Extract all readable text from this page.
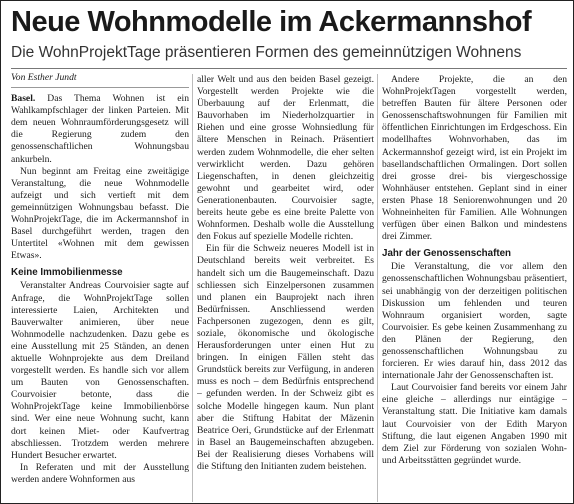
Neue Wohnmodelle im Ackermannshof
Die WohnProjektTage präsentieren Formen des gemeinnützigen Wohnens
Von Esther Jundt

Basel. Das Thema Wohnen ist ein Wahlkampfschlager der linken Parteien. Mit dem neuen Wohnraumförderungsgesetz will die Regierung zudem den genossenschaftlichen Wohnungsbau ankurbeln.

Nun beginnt am Freitag eine zweitägige Veranstaltung, die neue Wohnmodelle aufzeigt und sich vertieft mit dem gemeinnützigen Wohnungsbau befasst. Die WohnProjektTage, die im Ackermannshof in Basel durchgeführt werden, tragen den Untertitel «Wohnen mit dem gewissen Etwas».

Keine Immobilienmesse

Veranstalter Andreas Courvoisier sagte auf Anfrage, die WohnProjektTage sollen interessierte Laien, Architekten und Bauverwalter animieren, über neue Wohnmodelle nachzudenken. Dazu gebe es eine Ausstellung mit 25 Ständen, an denen aktuelle Wohnprojekte aus dem Dreiland vorgestellt werden. Es handle sich vor allem um Bauten von Genossenschaften. Courvoisier betonte, dass die WohnProjektTage keine Immobilienbörse sind. Wer eine neue Wohnung sucht, kann dort keinen Miet- oder Kaufvertrag abschliessen. Trotzdem werden mehrere Hundert Besucher erwartet.

In Referaten und mit der Ausstellung werden andere Wohnformen aus

aller Welt und aus den beiden Basel gezeigt. Vorgestellt werden Projekte wie die Überbauung auf der Erlenmatt, die Bauvorhaben im Niederholzquartier in Riehen und eine grosse Wohnsiedlung für ältere Menschen in Reinach. Präsentiert werden zudem Wohnmodelle, die eher selten verwirklicht werden. Dazu gehören Liegenschaften, in denen gleichzeitig gewohnt und gearbeitet wird, oder Generationenbauten. Courvoisier sagte, bereits heute gebe es eine breite Palette von Wohnformen. Deshalb wolle die Ausstellung den Fokus auf spezielle Modelle richten.

Ein für die Schweiz neueres Modell ist in Deutschland bereits weit verbreitet. Es handelt sich um die Baugemeinschaft. Dazu schliessen sich Einzelpersonen zusammen und planen ein Bauprojekt nach ihren Bedürfnissen. Anschliessend werden Fachpersonen zugezogen, denn es gilt, soziale, ökonomische und ökologische Herausforderungen unter einen Hut zu bringen. In einigen Fällen steht das Grundstück bereits zur Verfügung, in anderen muss es noch – dem Bedürfnis entsprechend – gefunden werden. In der Schweiz gibt es solche Modelle hingegen kaum. Nun plant aber die Stiftung Habitat der Mäzenin Beatrice Oeri, Grundstücke auf der Erlenmatt in Basel an Baugemeinschaften abzugeben. Bei der Realisierung dieses Vorhabens will die Stiftung den Initianten zudem beistehen.

Andere Projekte, die an den WohnProjektTagen vorgestellt werden, betreffen Bauten für ältere Personen oder Genossenschaftswohnungen für Familien mit öffentlichen Einrichtungen im Erdgeschoss. Ein modellhaftes Wohnvorhaben, das im Ackermannshof gezeigt wird, ist ein Projekt im basellandschaftlichen Ormalingen. Dort sollen drei grosse drei- bis viergeschossige Wohnhäuser entstehen. Geplant sind in einer ersten Phase 18 Seniorenwohnungen und 20 Wohneinheiten für Familien. Alle Wohnungen verfügen über einen Balkon und mindestens drei Zimmer.

Jahr der Genossenschaften

Die Veranstaltung, die vor allem den genossenschaftlichen Wohnungsbau präsentiert, sei unabhängig von der derzeitigen politischen Diskussion um fehlenden und teuren Wohnraum organisiert worden, sagte Courvoisier. Es gebe keinen Zusammenhang zu den Plänen der Regierung, den genossenschaftlichen Wohnungsbau zu forcieren. Er wies darauf hin, dass 2012 das internationale Jahr der Genossenschaften ist.

Laut Courvoisier fand bereits vor einem Jahr eine gleiche – allerdings nur eintägige – Veranstaltung statt. Die Initiative kam damals laut Courvoisier von der Edith Maryon Stiftung, die laut eigenen Angaben 1990 mit dem Ziel zur Förderung von sozialen Wohn- und Arbeitsstätten gegründet wurde.
